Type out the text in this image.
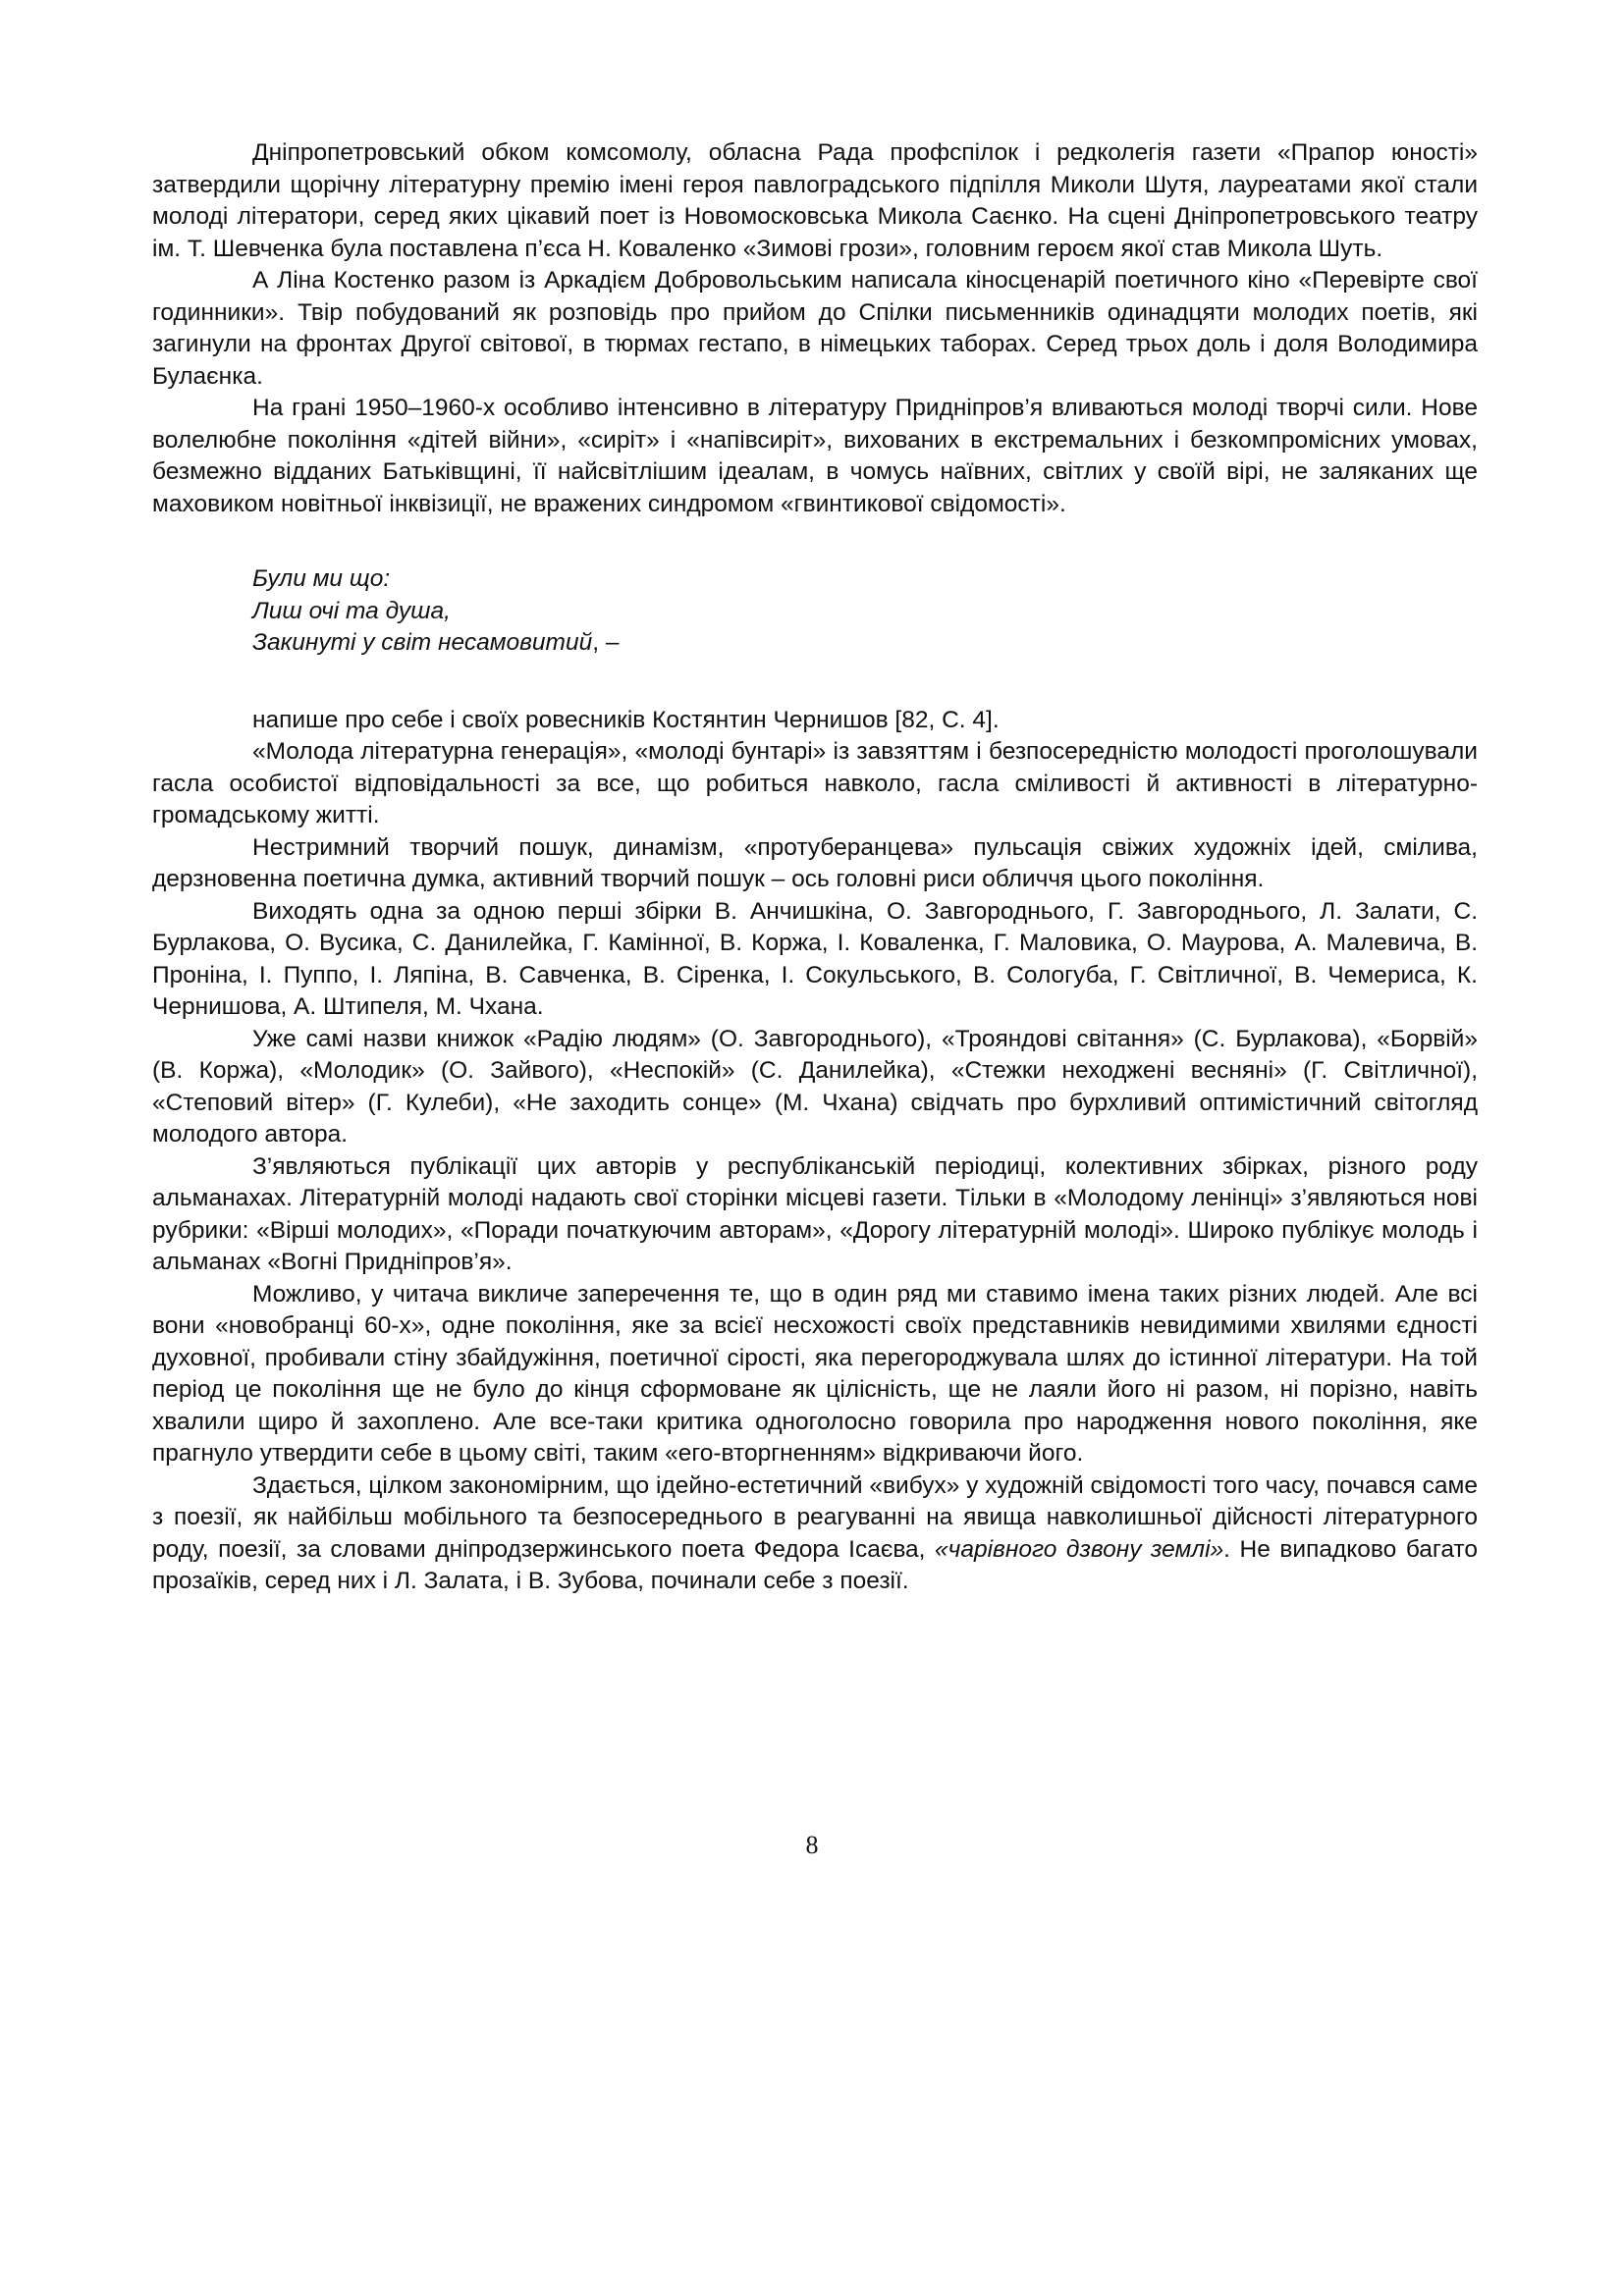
Дніпропетровський обком комсомолу, обласна Рада профспілок і редколегія газети «Прапор юності» затвердили щорічну літературну премію імені героя павлоградського підпілля Миколи Шутя, лауреатами якої стали молоді літератори, серед яких цікавий поет із Новомосковська Микола Саєнко. На сцені Дніпропетровського театру ім. Т. Шевченка була поставлена п’єса Н. Коваленко «Зимові грози», головним героєм якої став Микола Шуть.

А Ліна Костенко разом із Аркадієм Добровольським написала кіносценарій поетичного кіно «Перевірте свої годинники». Твір побудований як розповідь про прийом до Спілки письменників одинадцяти молодих поетів, які загинули на фронтах Другої світової, в тюрмах гестапо, в німецьких таборах. Серед трьох доль і доля Володимира Булаєнка.

На грані 1950–1960-х особливо інтенсивно в літературу Придніпров’я вливаються молоді творчі сили. Нове волелюбне покоління «дітей війни», «сиріт» і «напівсиріт», вихованих в екстремальних і безкомпромісних умовах, безмежно відданих Батьківщині, її найсвітлішим ідеалам, в чомусь наївних, світлих у своїй вірі, не заляканих ще маховиком новітньої інквізиції, не вражених синдромом «гвинтикової свідомості».

Були ми що:
Лиш очі та душа,
Закинуті у світ несамовитий, –

напише про себе і своїх ровесників Костянтин Чернишов [82, С. 4].

«Молода літературна генерація», «молоді бунтарі» із завзяттям і безпосередністю молодості проголошували гасла особистої відповідальності за все, що робиться навколо, гасла сміливості й активності в літературно-громадському житті.

Нестримний творчий пошук, динамізм, «протуберанцева» пульсація свіжих художніх ідей, смілива, дерзновенна поетична думка, активний творчий пошук – ось головні риси обличчя цього покоління.

Виходять одна за одною перші збірки В. Анчишкіна, О. Завгороднього, Г. Завгороднього, Л. Залати, С. Бурлакова, О. Вусика, С. Данилейка, Г. Камінної, В. Коржа, І. Коваленка, Г. Маловика, О. Маурова, А. Малевича, В. Проніна, І. Пуппо, І. Ляпіна, В. Савченка, В. Сіренка, І. Сокульського, В. Сологуба, Г. Світличної, В. Чемериса, К. Чернишова, А. Штипеля, М. Чхана.

Уже самі назви книжок «Радію людям» (О. Завгороднього), «Трояндові світання» (С. Бурлакова), «Борвій» (В. Коржа), «Молодик» (О. Зайвого), «Неспокій» (С. Данилейка), «Стежки неходжені весняні» (Г. Світличної), «Степовий вітер» (Г. Кулеби), «Не заходить сонце» (М. Чхана) свідчать про бурхливий оптимістичний світогляд молодого автора.

З’являються публікації цих авторів у республіканській періодиці, колективних збірках, різного роду альманахах. Літературній молоді надають свої сторінки місцеві газети. Тільки в «Молодому ленінці» з’являються нові рубрики: «Вірші молодих», «Поради початкуючим авторам», «Дорогу літературній молоді». Широко публікує молодь і альманах «Вогні Придніпров’я».

Можливо, у читача викличе заперечення те, що в один ряд ми ставимо імена таких різних людей. Але всі вони «новобранці 60-х», одне покоління, яке за всієї несхожості своїх представників невидимими хвилями єдності духовної, пробивали стіну збайдужіння, поетичної сірості, яка перегороджувала шлях до істинної літератури. На той період це покоління ще не було до кінця сформоване як цілісність, ще не лаяли його ні разом, ні порізно, навіть хвалили щиро й захоплено. Але все-таки критика одноголосно говорила про народження нового покоління, яке прагнуло утвердити себе в цьому світі, таким «его-вторгненням» відкриваючи його.

Здається, цілком закономірним, що ідейно-естетичний «вибух» у художній свідомості того часу, почався саме з поезії, як найбільш мобільного та безпосереднього в реагуванні на явища навколишньої дійсності літературного роду, поезії, за словами дніпродзержинського поета Федора Ісаєва, «чарівного дзвону землі». Не випадково багато прозаїків, серед них і Л. Залата, і В. Зубова, починали себе з поезії.

8
